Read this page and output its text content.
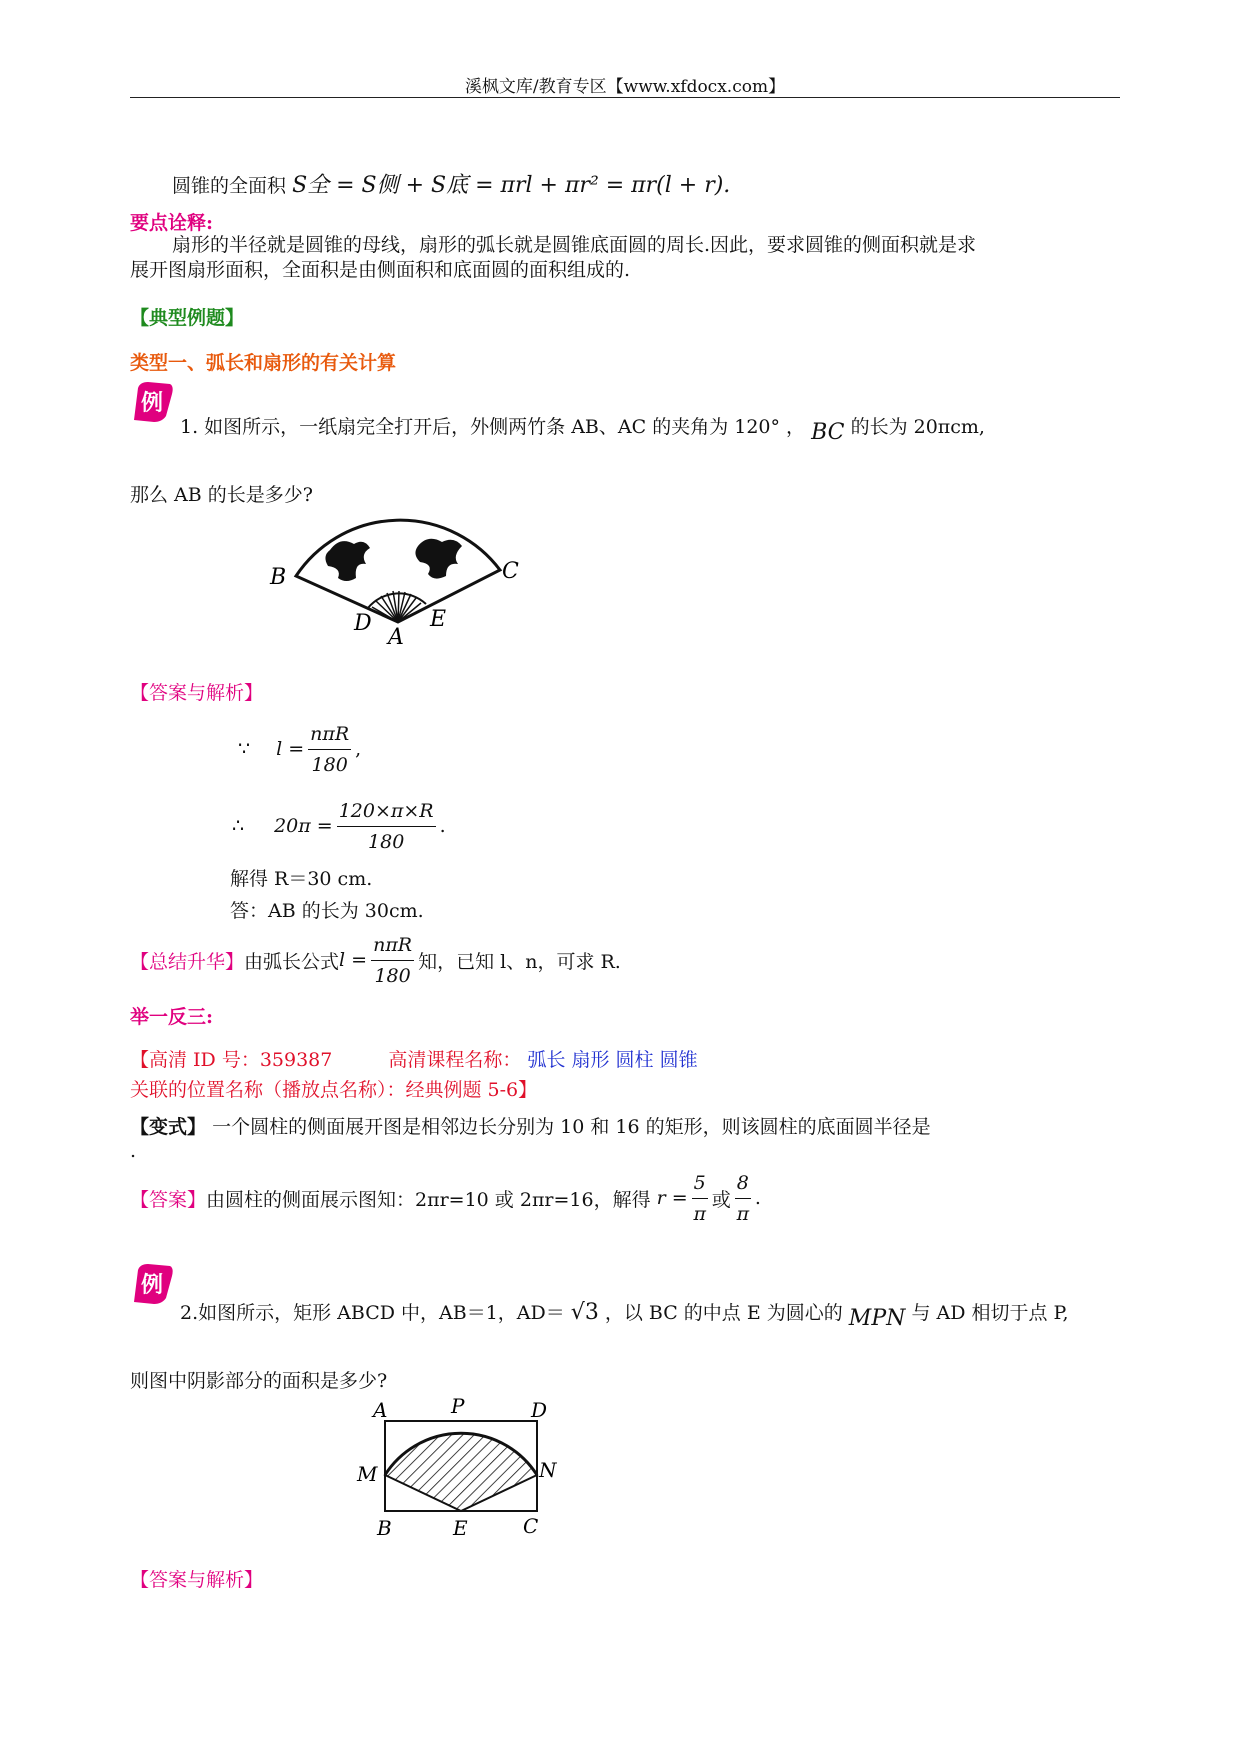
溪枫文库/教育专区【www.xfdocx.com】
圆锥的全面积 S全 = S侧 + S底 = πrl + πr² = πr(l + r).
要点诠释:
扇形的半径就是圆锥的母线，扇形的弧长就是圆锥底面圆的周长.因此，要求圆锥的侧面积就是求
展开图扇形面积，全面积是由侧面积和底面圆的面积组成的.
【典型例题】
类型一、弧长和扇形的有关计算
例
1. 如图所示，一纸扇完全打开后，外侧两竹条 AB、AC 的夹角为 120° ， BC 的长为 20πcm,
那么 AB 的长是多少?
B	C
D	E
A
【答案与解析】
∵ $l = \frac{\text{nπR}}{180}$ ,
∴ $20\pi = \frac{120\times\pi\times R}{180}$ .
解得 R＝30 cm.
答：AB 的长为 30cm.
【总结升华】 由弧长公式 $l = \frac{\text{nπR}}{180}$ 知，已知 l、n，可求 R.
举一反三:
【高清 ID 号：359387	高清课程名称： 弧长 扇形 圆柱 圆锥
关联的位置名称（播放点名称）：经典例题 5-6】
【变式】 一个圆柱的侧面展开图是相邻边长分别为 10 和 16 的矩形，则该圆柱的底面圆半径是
.
【答案】 由圆柱的侧面展示图知：2πr=10 或 2πr=16，解得 $r = \frac{5}{\pi}$ 或 $\frac{8}{\pi}$ .
例
2.如图所示，矩形 ABCD 中，AB＝1，AD＝ √3 ，以 BC 的中点 E 为圆心的 MPN 与 AD 相切于点 P,
则图中阴影部分的面积是多少?
A	P	D
M	N
B	E	C
【答案与解析】
